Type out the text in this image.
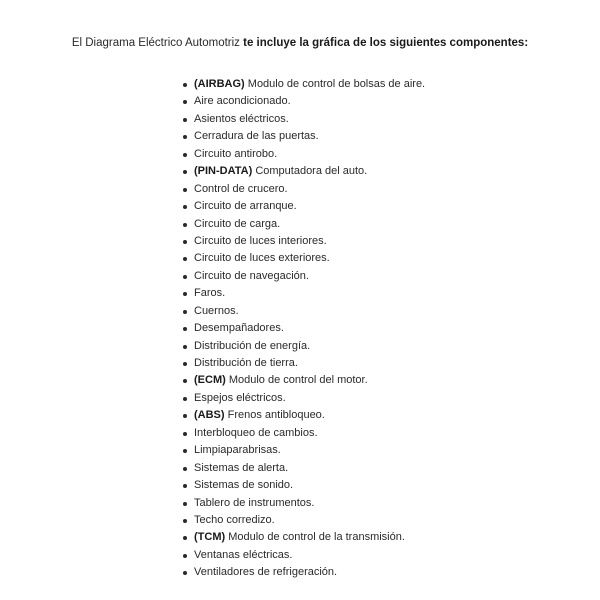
El Diagrama Eléctrico Automotriz te incluye la gráfica de los siguientes componentes:
(AIRBAG) Modulo de control de bolsas de aire.
Aire acondicionado.
Asientos eléctricos.
Cerradura de las puertas.
Circuito antirobo.
(PIN-DATA) Computadora del auto.
Control de crucero.
Circuito de arranque.
Circuito de carga.
Circuito de luces interiores.
Circuito de luces exteriores.
Circuito de navegación.
Faros.
Cuernos.
Desempañadores.
Distribución de energía.
Distribución de tierra.
(ECM) Modulo de control del motor.
Espejos eléctricos.
(ABS) Frenos antibloqueo.
Interbloqueo de cambios.
Limpiaparabrisas.
Sistemas de alerta.
Sistemas de sonido.
Tablero de instrumentos.
Techo corredizo.
(TCM) Modulo de control de la transmisión.
Ventanas eléctricas.
Ventiladores de refrigeración.
